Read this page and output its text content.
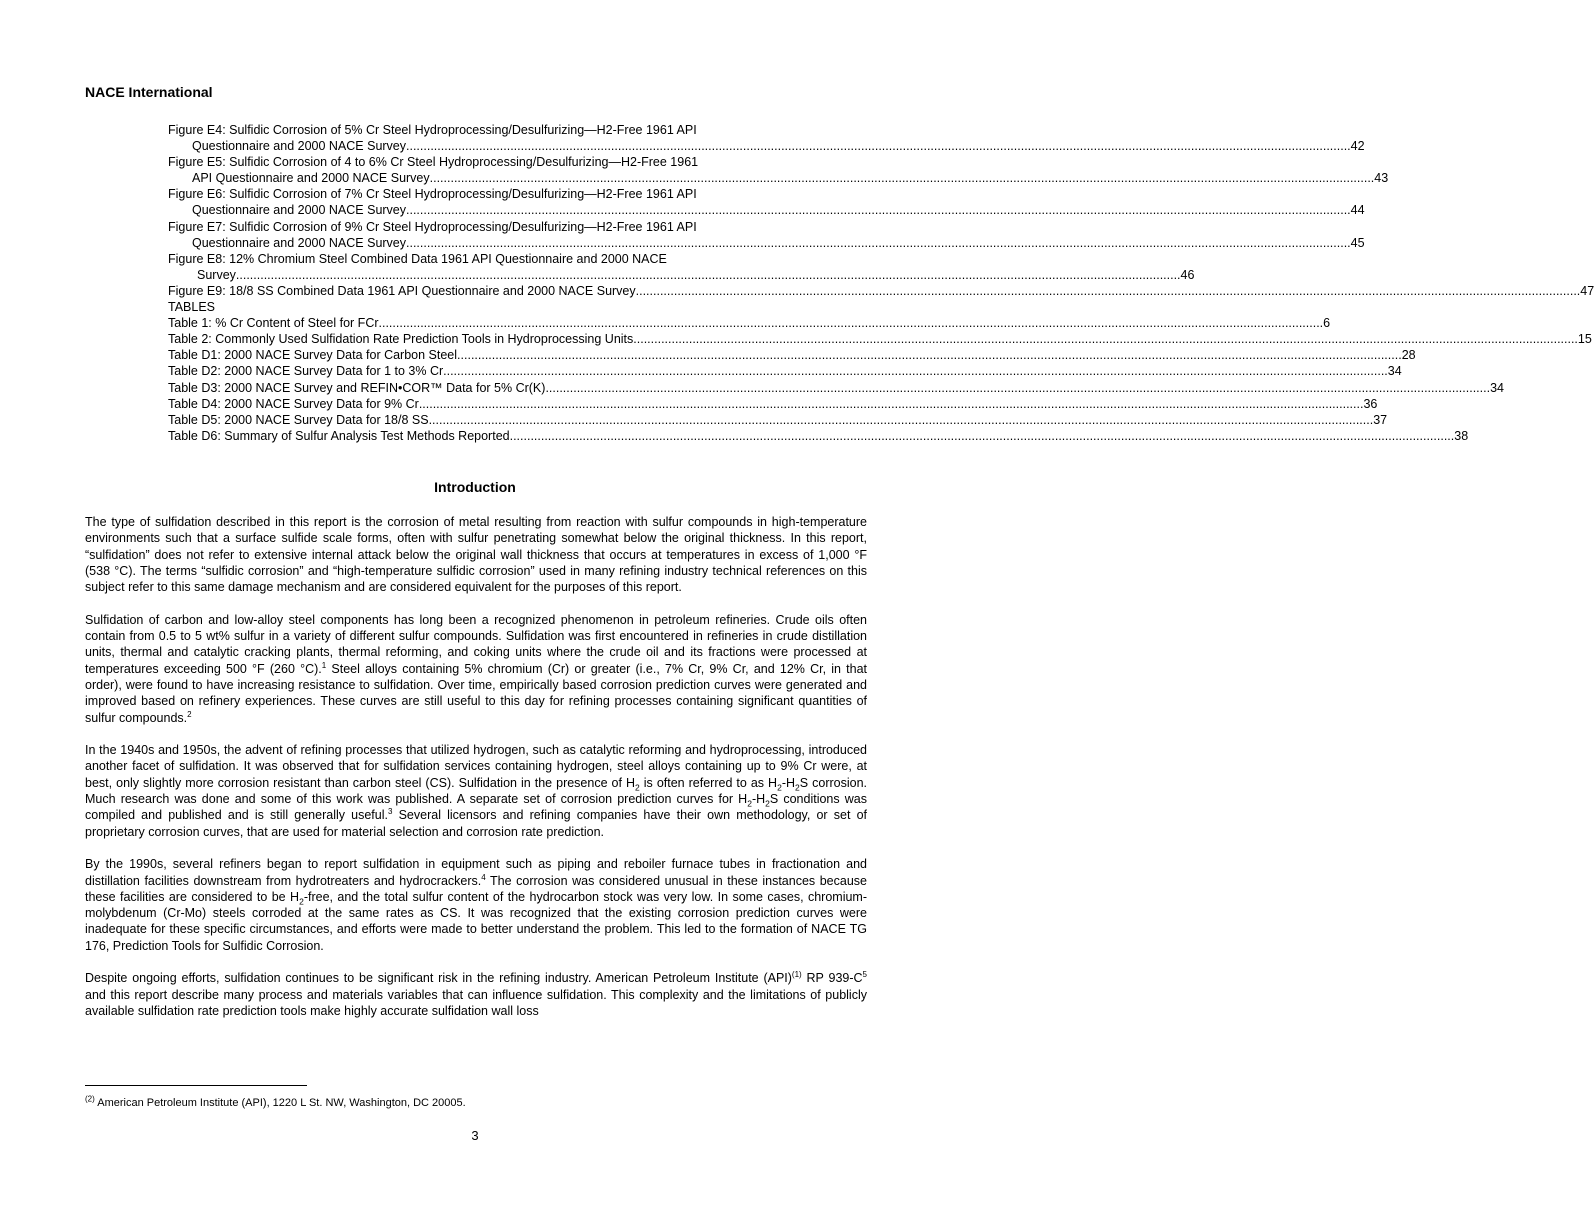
NACE International
Figure E4: Sulfidic Corrosion of 5% Cr Steel Hydroprocessing/Desulfurizing—H2-Free 1961 API
Questionnaire and 2000 NACE Survey .....	42
Figure E5: Sulfidic Corrosion of 4 to 6% Cr Steel Hydroprocessing/Desulfurizing—H2-Free 1961
API Questionnaire and 2000 NACE Survey .....	43
Figure E6: Sulfidic Corrosion of 7% Cr Steel Hydroprocessing/Desulfurizing—H2-Free 1961 API
Questionnaire and 2000 NACE Survey .....	44
Figure E7: Sulfidic Corrosion of 9% Cr Steel Hydroprocessing/Desulfurizing—H2-Free 1961 API
Questionnaire and 2000 NACE Survey .....	45
Figure E8: 12% Chromium Steel Combined Data 1961 API Questionnaire and 2000 NACE
Survey .....	46
Figure E9: 18/8 SS Combined Data 1961 API Questionnaire and 2000 NACE Survey .....	47
TABLES
Table 1: % Cr Content of Steel for FCr .....	6
Table 2: Commonly Used Sulfidation Rate Prediction Tools in Hydroprocessing Units .....	15
Table D1: 2000 NACE Survey Data for Carbon Steel .....	28
Table D2: 2000 NACE Survey Data for 1 to 3% Cr .....	34
Table D3: 2000 NACE Survey and REFIN•COR™ Data for 5% Cr(K) .....	34
Table D4: 2000 NACE Survey Data for 9% Cr .....	36
Table D5: 2000 NACE Survey Data for 18/8 SS .....	37
Table D6: Summary of Sulfur Analysis Test Methods Reported .....	38
Introduction

The type of sulfidation described in this report is the corrosion of metal resulting from reaction with sulfur compounds in high-temperature environments such that a surface sulfide scale forms, often with sulfur penetrating somewhat below the original thickness. In this report, “sulfidation” does not refer to extensive internal attack below the original wall thickness that occurs at temperatures in excess of 1,000 °F (538 °C). The terms “sulfidic corrosion” and “high-temperature sulfidic corrosion” used in many refining industry technical references on this subject refer to this same damage mechanism and are considered equivalent for the purposes of this report.

Sulfidation of carbon and low-alloy steel components has long been a recognized phenomenon in petroleum refineries. Crude oils often contain from 0.5 to 5 wt% sulfur in a variety of different sulfur compounds. Sulfidation was first encountered in refineries in crude distillation units, thermal and catalytic cracking plants, thermal reforming, and coking units where the crude oil and its fractions were processed at temperatures exceeding 500 °F (260 °C).$^1$ Steel alloys containing 5% chromium (Cr) or greater (i.e., 7% Cr, 9% Cr, and 12% Cr, in that order), were found to have increasing resistance to sulfidation. Over time, empirically based corrosion prediction curves were generated and improved based on refinery experiences. These curves are still useful to this day for refining processes containing significant quantities of sulfur compounds.$^2$

In the 1940s and 1950s, the advent of refining processes that utilized hydrogen, such as catalytic reforming and hydroprocessing, introduced another facet of sulfidation. It was observed that for sulfidation services containing hydrogen, steel alloys containing up to 9% Cr were, at best, only slightly more corrosion resistant than carbon steel (CS). Sulfidation in the presence of $H_2$ is often referred to as $H_2-H_2S$ corrosion. Much research was done and some of this work was published. A separate set of corrosion prediction curves for $H_2-H_2S$ conditions was compiled and published and is still generally useful.$^3$ Several licensors and refining companies have their own methodology, or set of proprietary corrosion curves, that are used for material selection and corrosion rate prediction.

By the 1990s, several refiners began to report sulfidation in equipment such as piping and reboiler furnace tubes in fractionation and distillation facilities downstream from hydrotreaters and hydrocrackers.$^4$ The corrosion was considered unusual in these instances because these facilities are considered to be $H_2$-free, and the total sulfur content of the hydrocarbon stock was very low. In some cases, chromium-molybdenum (Cr-Mo) steels corroded at the same rates as CS. It was recognized that the existing corrosion prediction curves were inadequate for these specific circumstances, and efforts were made to better understand the problem. This led to the formation of NACE TG 176, Prediction Tools for Sulfidic Corrosion.

Despite ongoing efforts, sulfidation continues to be significant risk in the refining industry. American Petroleum Institute (API)$^{(1)}$ RP $939-C^5$ and this report describe many process and materials variables that can influence sulfidation. This complexity and the limitations of publicly available sulfidation rate prediction tools make highly accurate sulfidation wall loss

$^{(2)}$ American Petroleum Institute (API), 1220 L St. NW, Washington, DC 20005.
3
